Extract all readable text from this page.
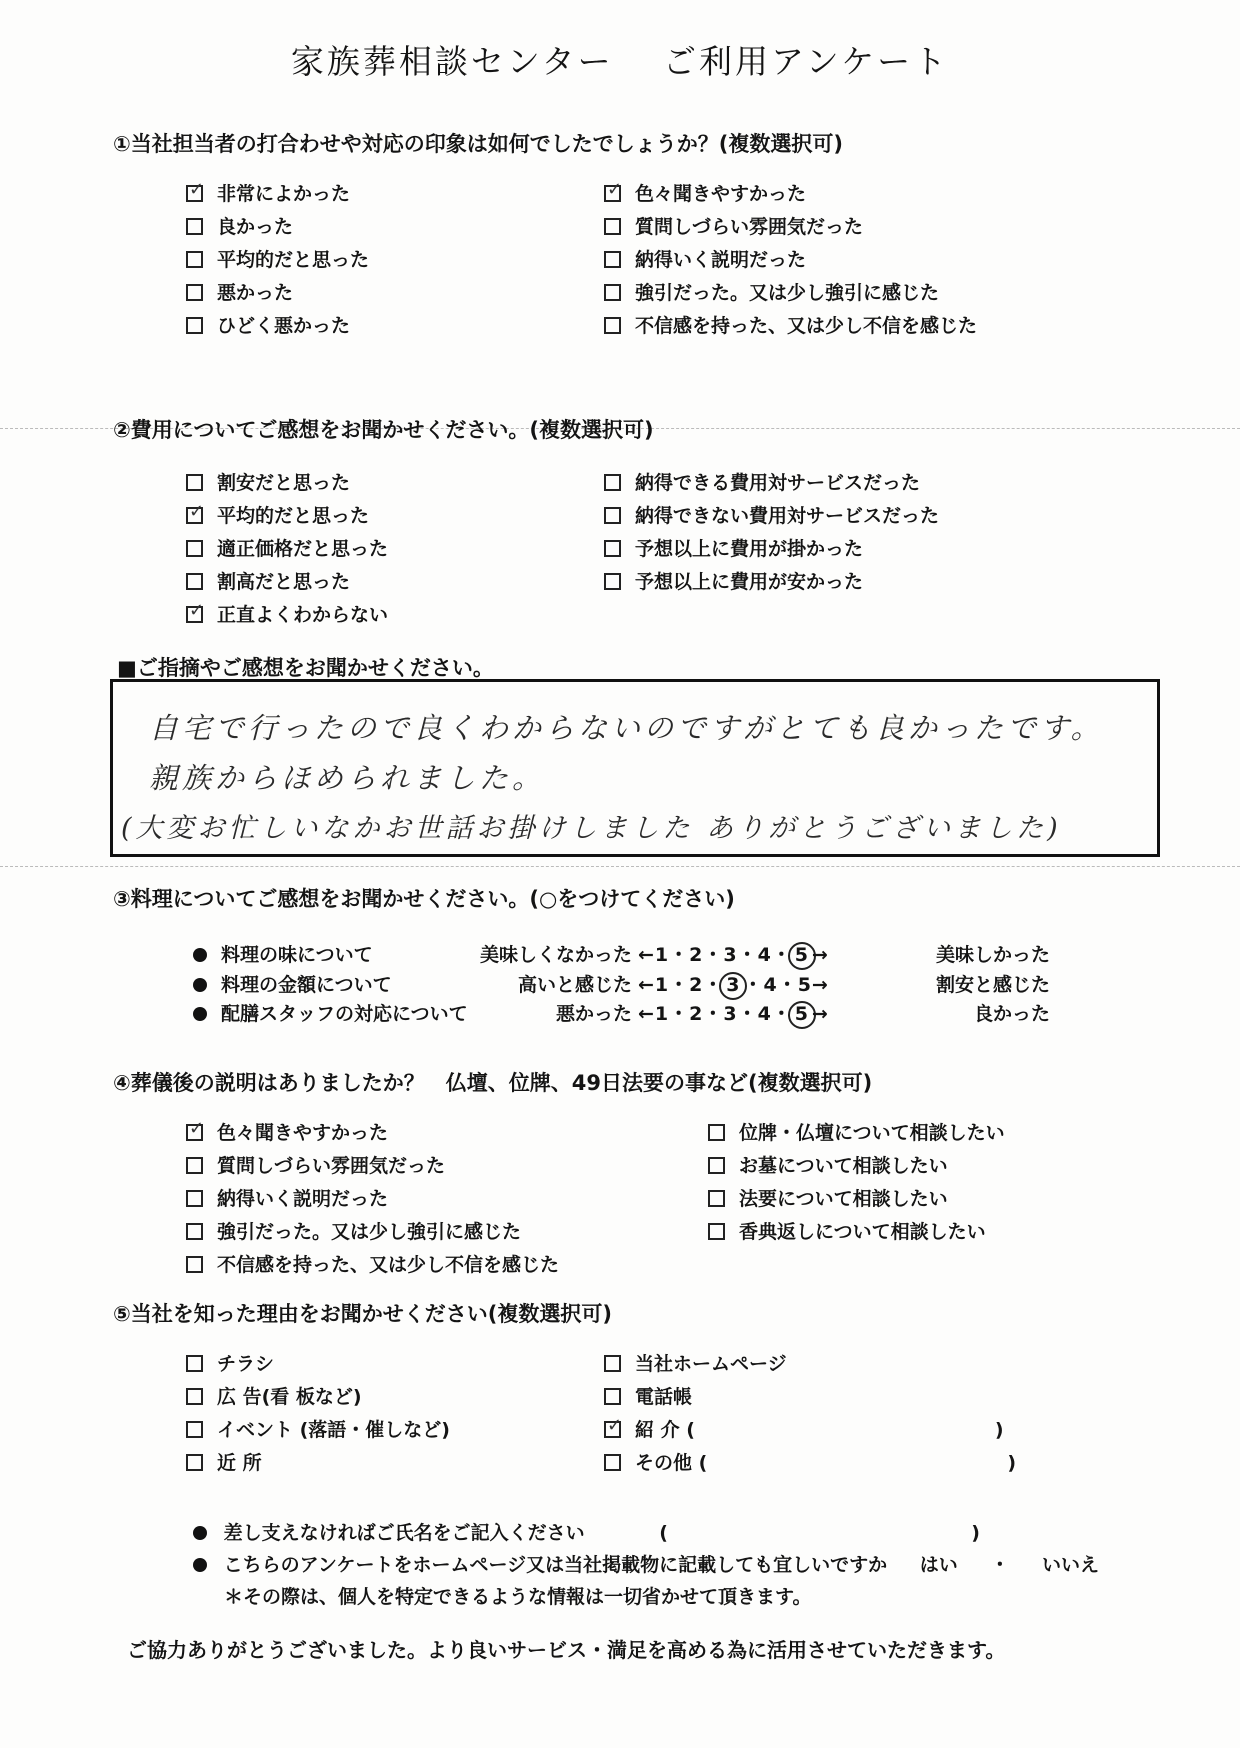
家族葬相談センター　 ご利用アンケート
①当社担当者の打合わせや対応の印象は如何でしたでしょうか？(複数選択可)
✓ 非常によかった
良かった
平均的だと思った
悪かった
ひどく悪かった
✓ 色々聞きやすかった
質問しづらい雰囲気だった
納得いく説明だった
強引だった。又は少し強引に感じた
不信感を持った、又は少し不信を感じた
②費用についてご感想をお聞かせください。(複数選択可)
割安だと思った
✓ 平均的だと思った
適正価格だと思った
割高だと思った
✓ 正直よくわからない
納得できる費用対サービスだった
納得できない費用対サービスだった
予想以上に費用が掛かった
予想以上に費用が安かった
■ご指摘やご感想をお聞かせください。
自宅で行ったので良くわからないのですがとても良かったです。
親族からほめられました。
(大変お忙しいなかお世話お掛けしました ありがとうございました)
③料理についてご感想をお聞かせください。(○をつけてください)
料理の味について	美味しくなかった ←1・2・3・4・ 5 →	美味しかった
料理の金額について	高いと感じた ←1・2・ 3 ・4・5→	割安と感じた
配膳スタッフの対応について	悪かった ←1・2・3・4・ 5 →	良かった
④葬儀後の説明はありましたか？　仏壇、位牌、49日法要の事など(複数選択可)
✓ 色々聞きやすかった
質問しづらい雰囲気だった
納得いく説明だった
強引だった。又は少し強引に感じた
不信感を持った、又は少し不信を感じた
位牌・仏壇について相談したい
お墓について相談したい
法要について相談したい
香典返しについて相談したい
⑤当社を知った理由をお聞かせください(複数選択可)
チラシ
広 告(看 板など)
イベント (落語・催しなど)
近 所
当社ホームページ
電話帳
✓ 紹 介 (	)
その他 (	)
差し支えなければご氏名をご記入ください	(	)
こちらのアンケートをホームページ又は当社掲載物に記載しても宜しいですか はい ・ いいえ
＊その際は、個人を特定できるような情報は一切省かせて頂きます。
ご協力ありがとうございました。より良いサービス・満足を高める為に活用させていただきます。
